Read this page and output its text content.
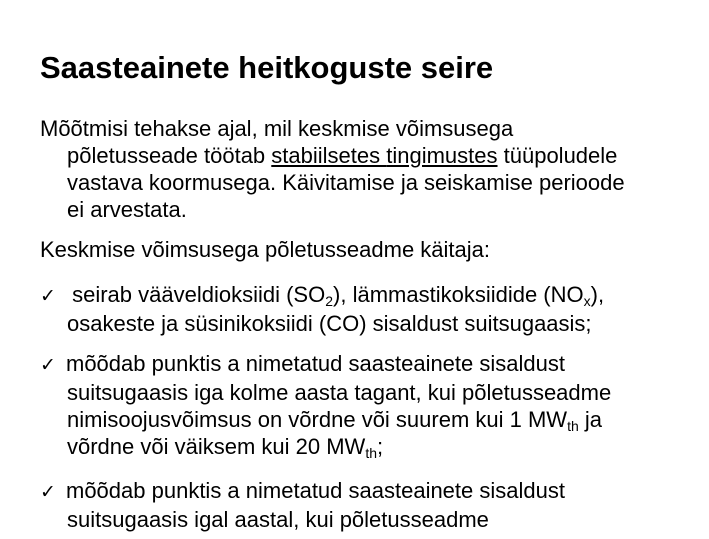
Saasteainete heitkoguste seire
Mõõtmisi tehakse ajal, mil keskmise võimsusega
põletusseade töötab stabiilsetes tingimustes tüüpoludele
vastava koormusega. Käivitamise ja seiskamise perioode
ei arvestata.
Keskmise võimsusega põletusseadme käitaja:
✓ seirab vääveldioksiidi $(SO_2)$, lämmastikoksiidide $(NO_x)$,
osakeste ja süsinikoksiidi (CO) sisaldust suitsugaasis;
✓ mõõdab punktis a nimetatud saasteainete sisaldust
suitsugaasis iga kolme aasta tagant, kui põletusseadme
nimisoojusvõimsus on võrdne või suurem kui 1 $MW_{th}$ ja
võrdne või väiksem kui 20 $MW_{th}$;
✓ mõõdab punktis a nimetatud saasteainete sisaldust
suitsugaasis igal aastal, kui põletusseadme
